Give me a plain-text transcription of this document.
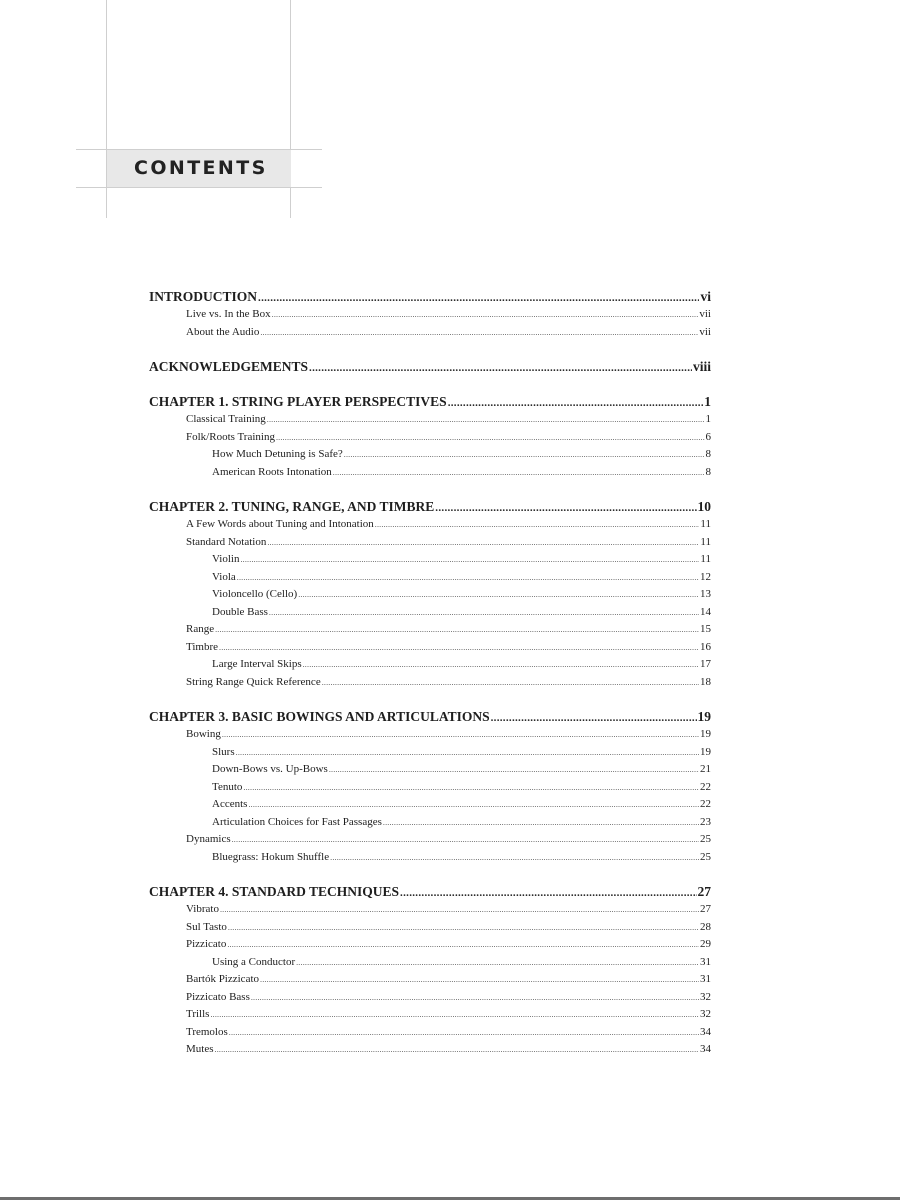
CONTENTS
INTRODUCTION .....	vi
Live vs. In the Box .....	vii
About the Audio .....	vii
ACKNOWLEDGEMENTS .....	viii
CHAPTER 1. STRING PLAYER PERSPECTIVES .....	1
Classical Training .....	1
Folk/Roots Training .....	6
How Much Detuning is Safe? .....	8
American Roots Intonation .....	8
CHAPTER 2. TUNING, RANGE, AND TIMBRE .....	10
A Few Words about Tuning and Intonation .....	11
Standard Notation .....	11
Violin .....	11
Viola .....	12
Violoncello (Cello) .....	13
Double Bass .....	14
Range .....	15
Timbre .....	16
Large Interval Skips .....	17
String Range Quick Reference .....	18
CHAPTER 3. BASIC BOWINGS AND ARTICULATIONS .....	19
Bowing .....	19
Slurs .....	19
Down-Bows vs. Up-Bows .....	21
Tenuto .....	22
Accents .....	22
Articulation Choices for Fast Passages .....	23
Dynamics .....	25
Bluegrass: Hokum Shuffle .....	25
CHAPTER 4. STANDARD TECHNIQUES .....	27
Vibrato .....	27
Sul Tasto .....	28
Pizzicato .....	29
Using a Conductor .....	31
Bartók Pizzicato .....	31
Pizzicato Bass .....	32
Trills .....	32
Tremolos .....	34
Mutes .....	34
